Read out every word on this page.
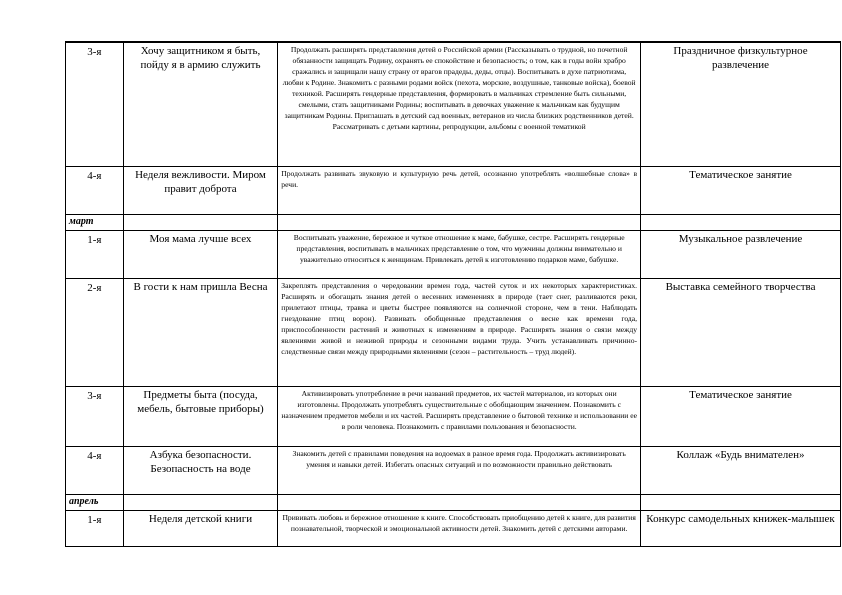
3-я	Хочу защитником я быть, пойду я в армию служить	Продолжать расширять представления детей о Российской армии (Рассказывать о трудной, но почетной обязанности защищать Родину, охранять ее спокойствие и безопасность; о том, как в годы войн храбро сражались и защищали нашу страну от врагов прадеды, деды, отцы). Воспитывать в духе патриотизма, любви к Родине. Знакомить с разными родами войск (пехота, морские, воздушные, танковые войска), боевой техникой. Расширять гендерные представления, формировать в мальчиках стремление быть сильными, смелыми, стать защитниками Родины; воспитывать в девочках уважение к мальчикам как будущим защитникам Родины. Приглашать в детский сад военных, ветеранов из числа близких родственников детей. Рассматривать с детьми картины, репродукции, альбомы с военной тематикой	Праздничное физкультурное развлечение

4-я	Неделя вежливости. Миром правит доброта	Продолжать развивать звуковую и культурную речь детей, осознанно употреблять «волшебные слова» в речи.	Тематическое занятие
март			

1-я	Моя мама лучше всех	Воспитывать уважение, бережное и чуткое отношение к маме, бабушке, сестре. Расширять гендерные представления, воспитывать в мальчиках представление о том, что мужчины должны внимательно и уважительно относиться к женщинам. Привлекать детей к изготовлению подарков маме, бабушке.	Музыкальное развлечение

2-я	В гости к нам пришла Весна	Закреплять представления о чередовании времен года, частей суток и их некоторых характеристиках. Расширять и обогащать знания детей о весенних изменениях в природе (тает снег, разливаются реки, прилетают птицы, травка и цветы быстрее появляются на солнечной стороне, чем в тени. Наблюдать гнездование птиц ворон). Развивать обобщенные представления о весне как времени года, приспособленности растений и животных к изменениям в природе. Расширять знания о связи между явлениями живой и неживой природы и сезонными видами труда. Учить устанавливать причинно-следственные связи между природными явлениями (сезон – растительность – труд людей).	Выставка семейного творчества

3-я	Предметы быта (посуда, мебель, бытовые приборы)	Активизировать употребление в речи названий предметов, их частей материалов, из которых они изготовлены. Продолжать употреблять существительные с обобщающим значением. Познакомить с назначением предметов мебели и их частей. Расширять представление о бытовой технике и использовании ее в роли человека. Познакомить с правилами пользования и безопасности.	Тематическое занятие

4-я	Азбука безопасности. Безопасность на воде	Знакомить детей с правилами поведения на водоемах в разное время года. Продолжать активизировать умения и навыки детей. Избегать опасных ситуаций и по возможности правильно действовать	Коллаж «Будь внимателен»
апрель			

1-я	Неделя детской книги	Прививать любовь и бережное отношение к книге. Способствовать приобщению детей к книге, для развития познавательной, творческой и эмоциональной активности детей. Знакомить детей с детскими авторами.	Конкурс самодельных книжек-малышек
